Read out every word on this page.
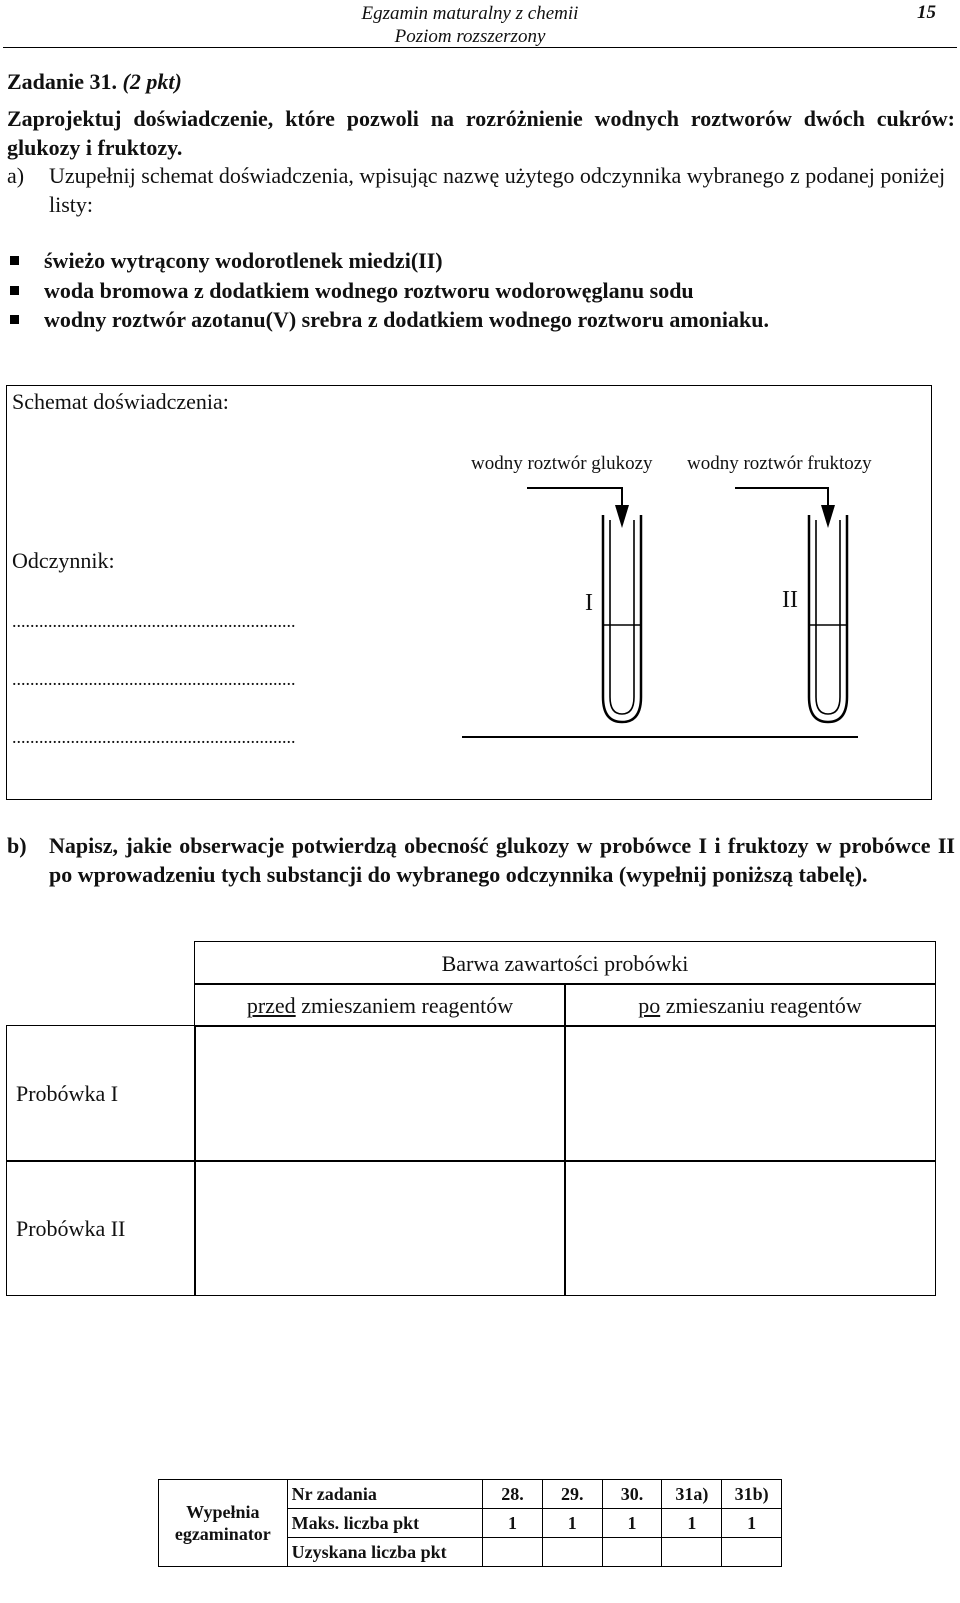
Egzamin maturalny z chemii
Poziom rozszerzony
15
Zadanie 31. (2 pkt)
Zaprojektuj doświadczenie, które pozwoli na rozróżnienie wodnych roztworów dwóch cukrów: glukozy i fruktozy.
a) Uzupełnij schemat doświadczenia, wpisując nazwę użytego odczynnika wybranego z podanej poniżej listy:
świeżo wytrącony wodorotlenek miedzi(II)
woda bromowa z dodatkiem wodnego roztworu wodorowęglanu sodu
wodny roztwór azotanu(V) srebra z dodatkiem wodnego roztworu amoniaku.
Schemat doświadczenia:
Odczynnik:
...............................................................
...............................................................
...............................................................
wodny roztwór glukozy wodny roztwór fruktozy
I	II
b) Napisz, jakie obserwacje potwierdzą obecność glukozy w probówce I i fruktozy w probówce II po wprowadzeniu tych substancji do wybranego odczynnika (wypełnij poniższą tabelę).
Barwa zawartości probówki
przed zmieszaniem reagentów	po zmieszaniu reagentów
Probówka I
Probówka II
Wypełnia
egzaminator	Nr zadania	28.	29.	30.	31a)	31b)
	Maks. liczba pkt	1	1	1	1	1
	Uzyskana liczba pkt					
